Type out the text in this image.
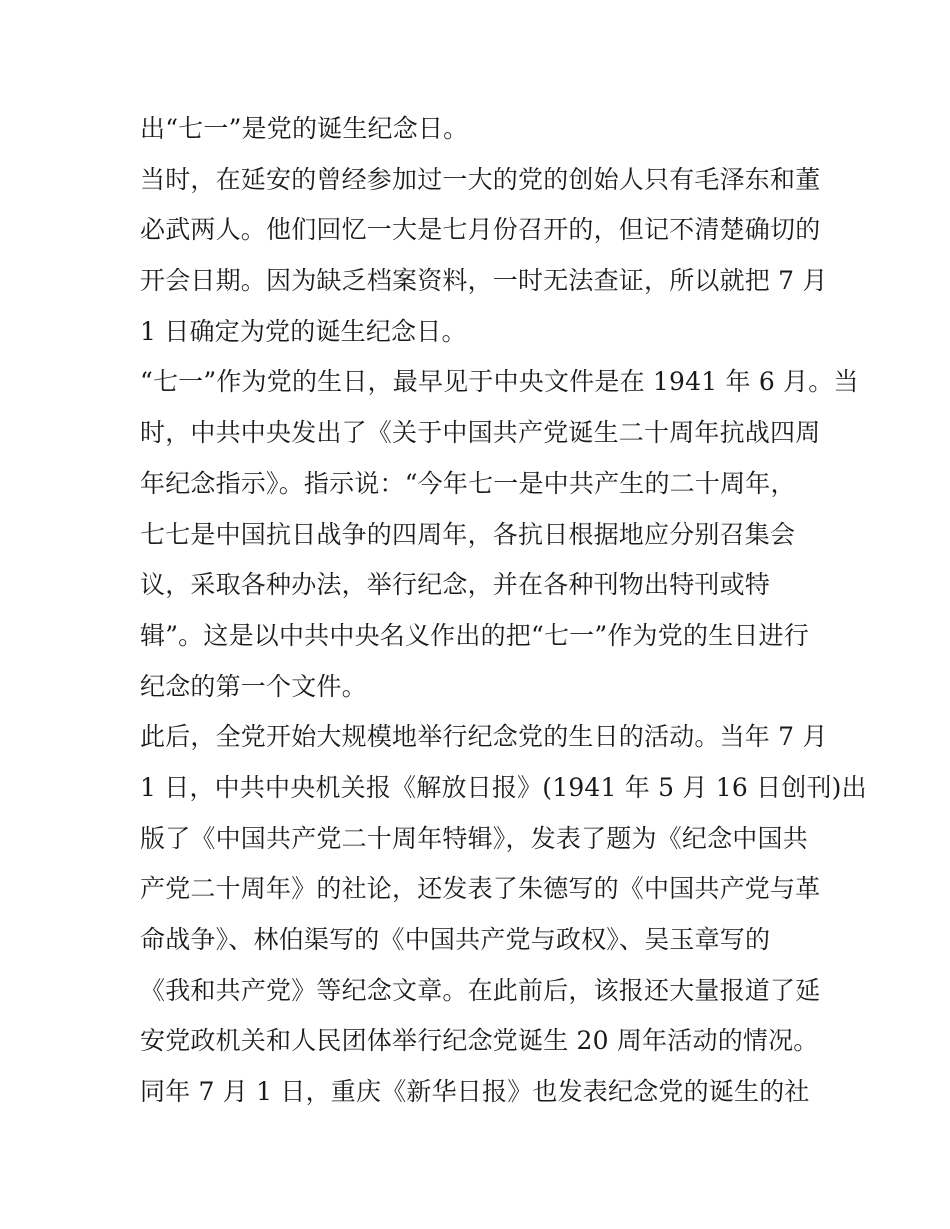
出“七一”是党的诞生纪念日。
当时，在延安的曾经参加过一大的党的创始人只有毛泽东和董
必武两人。他们回忆一大是七月份召开的，但记不清楚确切的
开会日期。因为缺乏档案资料，一时无法查证，所以就把 7 月
1 日确定为党的诞生纪念日。
“七一”作为党的生日，最早见于中央文件是在 1941 年 6 月。当
时，中共中央发出了《关于中国共产党诞生二十周年抗战四周
年纪念指示》。指示说：“今年七一是中共产生的二十周年，
七七是中国抗日战争的四周年，各抗日根据地应分别召集会
议，采取各种办法，举行纪念，并在各种刊物出特刊或特
辑”。这是以中共中央名义作出的把“七一”作为党的生日进行
纪念的第一个文件。
此后，全党开始大规模地举行纪念党的生日的活动。当年 7 月
1 日，中共中央机关报《解放日报》(1941 年 5 月 16 日创刊)出
版了《中国共产党二十周年特辑》，发表了题为《纪念中国共
产党二十周年》的社论，还发表了朱德写的《中国共产党与革
命战争》、林伯渠写的《中国共产党与政权》、吴玉章写的
《我和共产党》等纪念文章。在此前后，该报还大量报道了延
安党政机关和人民团体举行纪念党诞生 20 周年活动的情况。
同年 7 月 1 日，重庆《新华日报》也发表纪念党的诞生的社
